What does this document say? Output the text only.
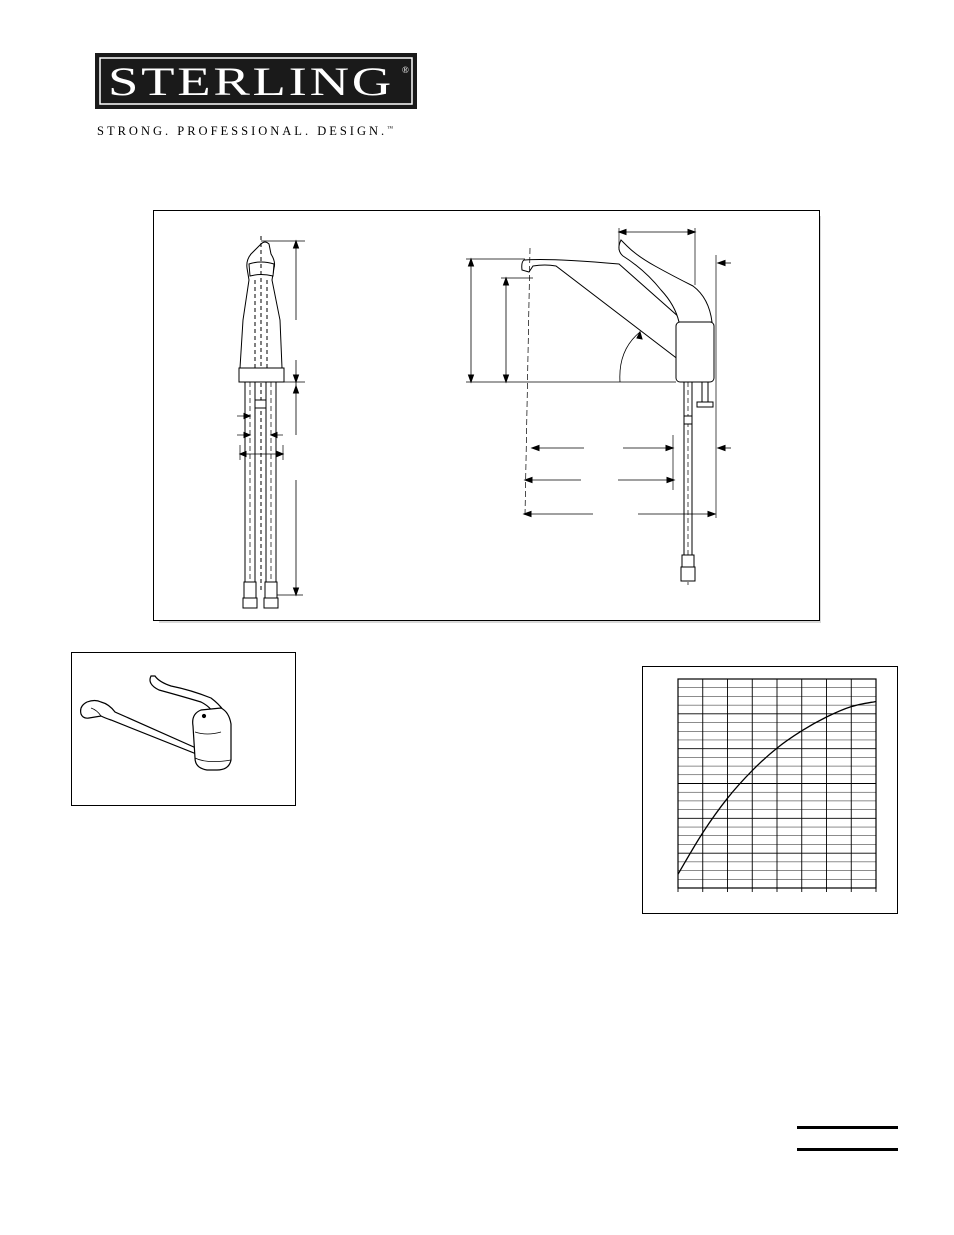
STERLING ®
STRONG. PROFESSIONAL. DESIGN.™
